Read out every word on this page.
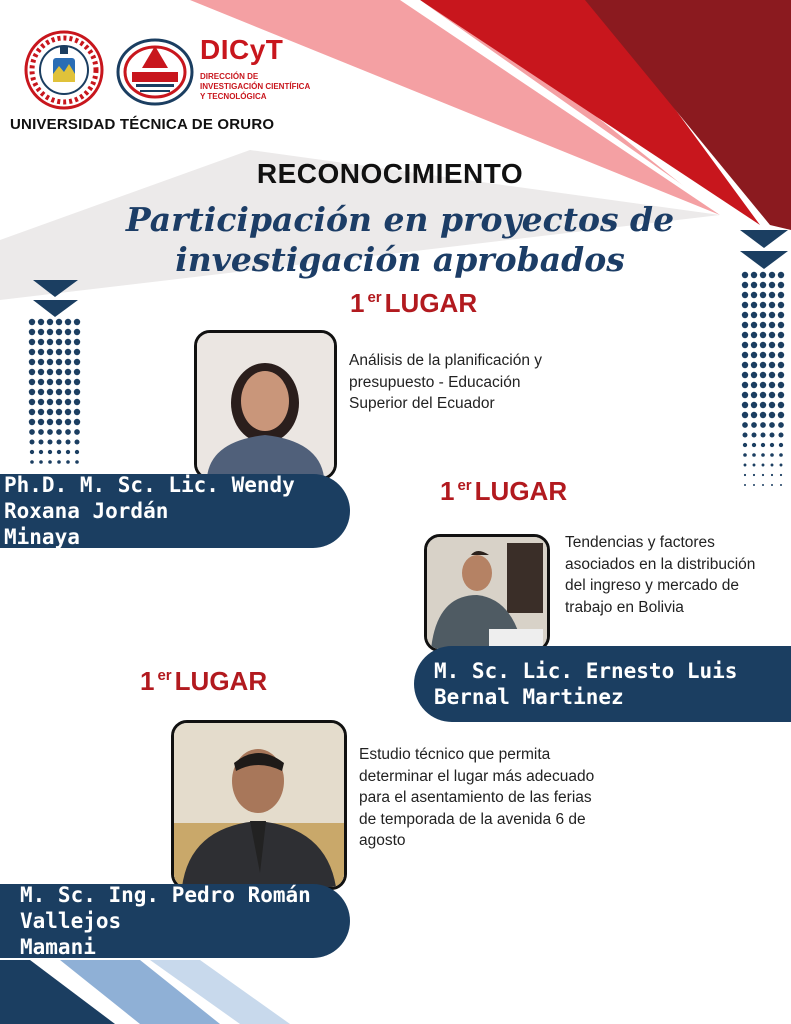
DICyT
DIRECCIÓN DE INVESTIGACIÓN CIENTÍFICA Y TECNOLÓGICA
UNIVERSIDAD TÉCNICA DE ORURO
RECONOCIMIENTO
Participación en proyectos de
investigación aprobados
1 $^{er}$ LUGAR
Análisis de la planificación y presupuesto - Educación Superior del Ecuador
Ph.D. M. Sc. Lic. Wendy Roxana Jordán
Minaya
1 $^{er}$ LUGAR
Tendencias y factores asociados en la distribución del ingreso y mercado de trabajo en Bolivia
M. Sc. Lic. Ernesto Luis Bernal Martinez
1 $^{er}$ LUGAR
Estudio técnico que permita determinar el lugar más adecuado para el asentamiento de las ferias de temporada de la avenida 6 de agosto
M. Sc. Ing. Pedro Román Vallejos
Mamani
